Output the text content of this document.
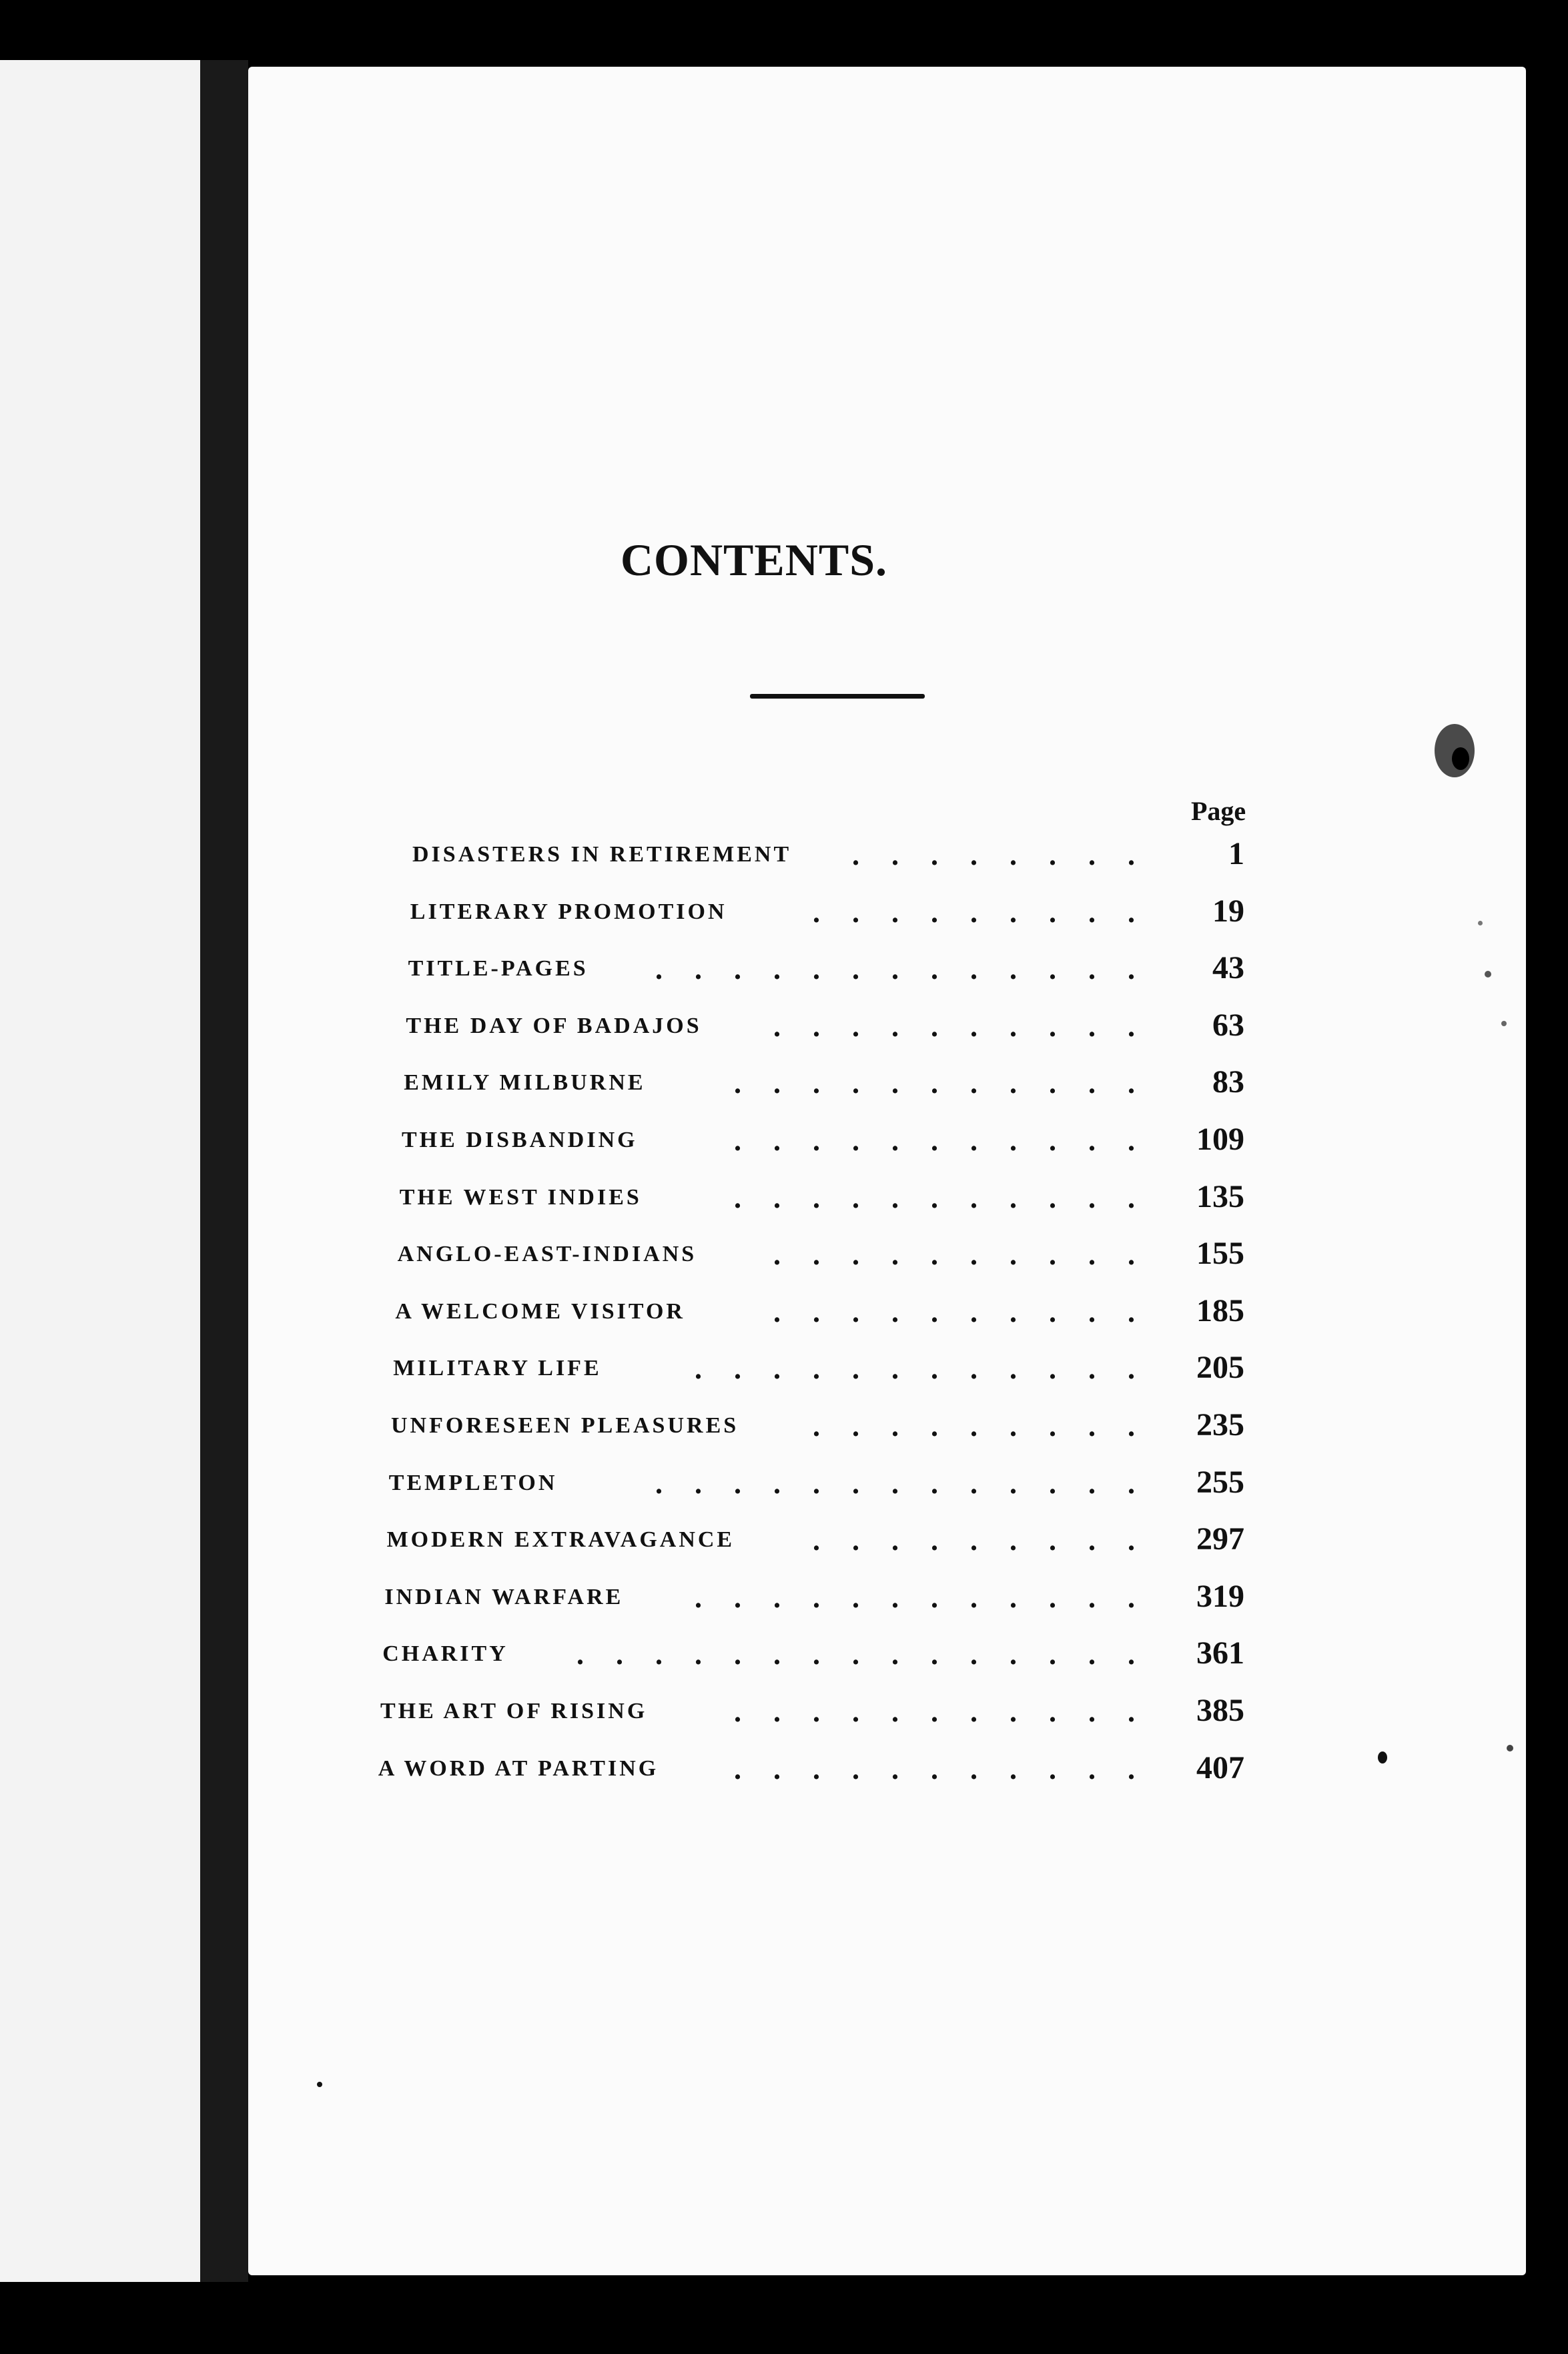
CONTENTS.
Page
DISASTERS IN RETIREMENT	1
. . . . . . . .
LITERARY PROMOTION	19
. . . . . . . . .
TITLE-PAGES	43
. . . . . . . . . . . . .
THE DAY OF BADAJOS	63
. . . . . . . . . .
EMILY MILBURNE	83
. . . . . . . . . . .
THE DISBANDING	109
. . . . . . . . . . .
THE WEST INDIES	135
. . . . . . . . . . .
ANGLO-EAST-INDIANS	155
. . . . . . . . . .
A WELCOME VISITOR	185
. . . . . . . . . .
MILITARY LIFE	205
. . . . . . . . . . . .
UNFORESEEN PLEASURES	235
. . . . . . . . .
TEMPLETON	255
. . . . . . . . . . . . .
MODERN EXTRAVAGANCE	297
. . . . . . . . .
INDIAN WARFARE	319
. . . . . . . . . . . .
CHARITY	361
. . . . . . . . . . . . . . .
THE ART OF RISING	385
. . . . . . . . . . .
A WORD AT PARTING	407
. . . . . . . . . . .
